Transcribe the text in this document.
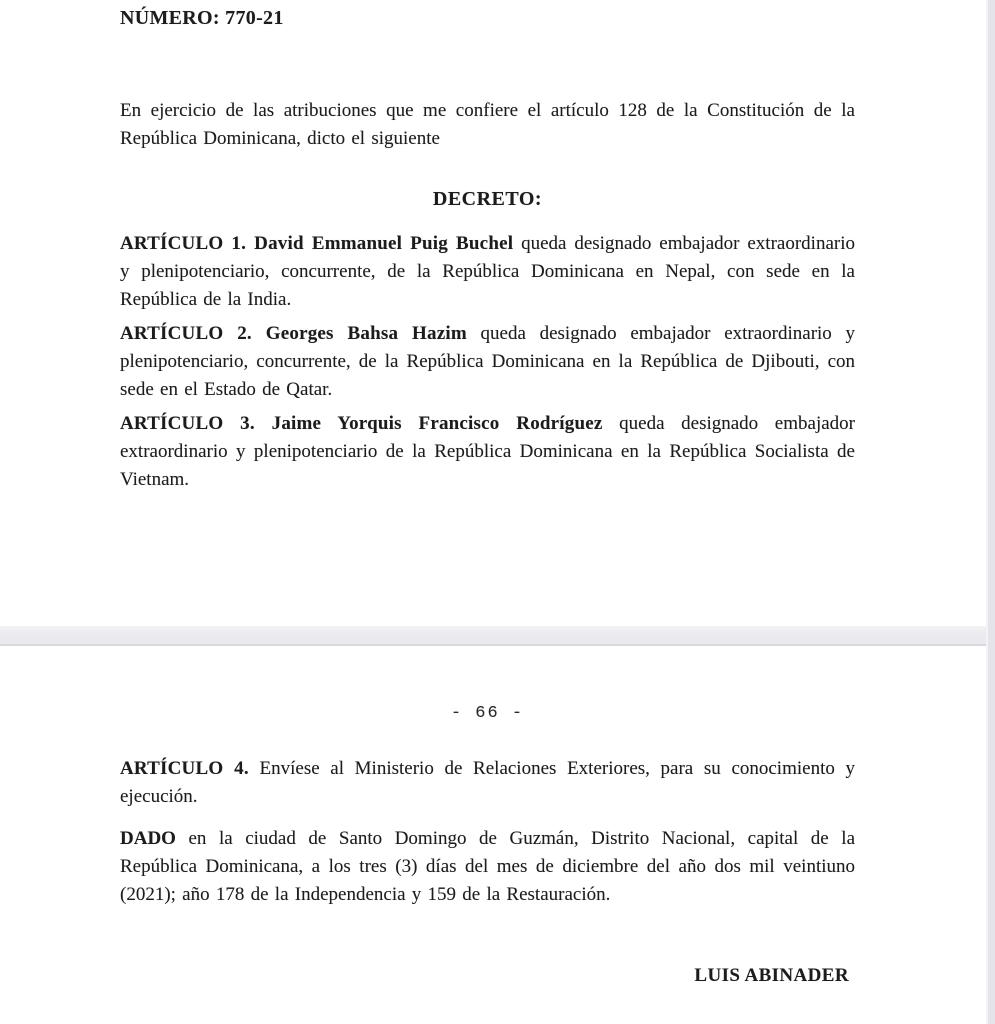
NÚMERO: 770-21

En ejercicio de las atribuciones que me confiere el artículo 128 de la Constitución de la República Dominicana, dicto el siguiente

DECRETO:

ARTÍCULO 1. David Emmanuel Puig Buchel queda designado embajador extraordinario y plenipotenciario, concurrente, de la República Dominicana en Nepal, con sede en la República de la India.

ARTÍCULO 2. Georges Bahsa Hazim queda designado embajador extraordinario y plenipotenciario, concurrente, de la República Dominicana en la República de Djibouti, con sede en el Estado de Qatar.

ARTÍCULO 3. Jaime Yorquis Francisco Rodríguez queda designado embajador extraordinario y plenipotenciario de la República Dominicana en la República Socialista de Vietnam.

- 66 -

ARTÍCULO 4. Envíese al Ministerio de Relaciones Exteriores, para su conocimiento y ejecución.

DADO en la ciudad de Santo Domingo de Guzmán, Distrito Nacional, capital de la República Dominicana, a los tres (3) días del mes de diciembre del año dos mil veintiuno (2021); año 178 de la Independencia y 159 de la Restauración.

LUIS ABINADER
